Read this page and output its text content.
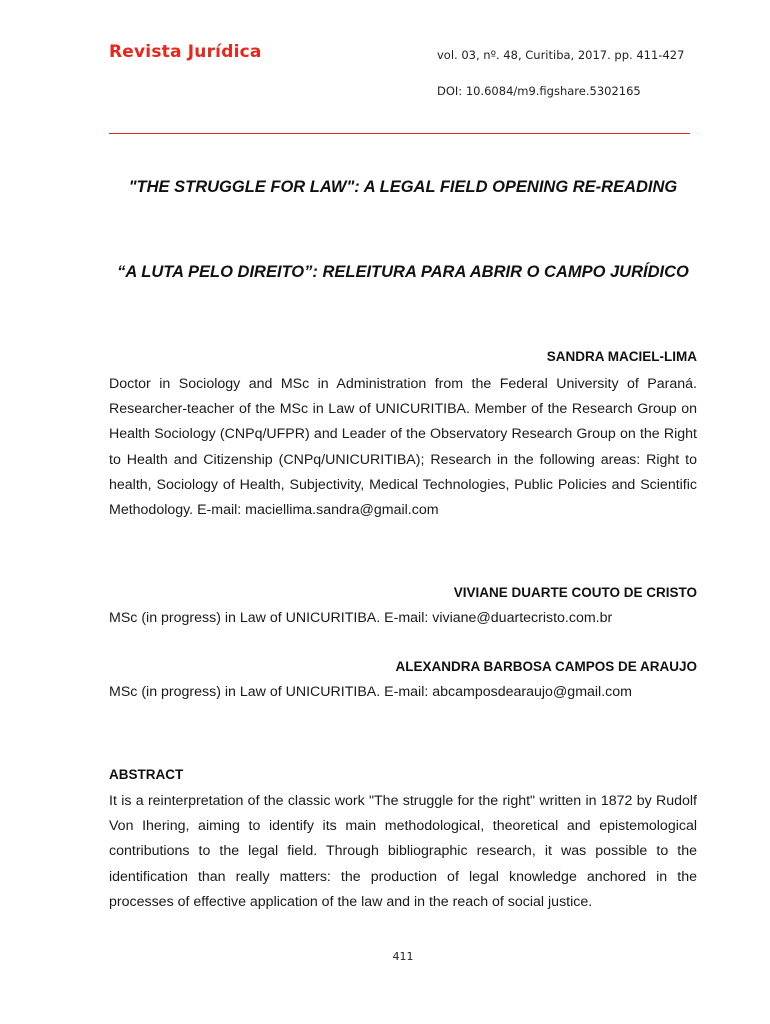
Revista Jurídica	vol. 03, nº. 48, Curitiba, 2017. pp. 411-427
DOI: 10.6084/m9.figshare.5302165
"THE STRUGGLE FOR LAW": A LEGAL FIELD OPENING RE-READING
“A LUTA PELO DIREITO”: RELEITURA PARA ABRIR O CAMPO JURÍDICO
SANDRA MACIEL-LIMA
Doctor in Sociology and MSc in Administration from the Federal University of Paraná. Researcher-teacher of the MSc in Law of UNICURITIBA. Member of the Research Group on Health Sociology (CNPq/UFPR) and Leader of the Observatory Research Group on the Right to Health and Citizenship (CNPq/UNICURITIBA); Research in the following areas: Right to health, Sociology of Health, Subjectivity, Medical Technologies, Public Policies and Scientific Methodology. E-mail: maciellima.sandra@gmail.com
VIVIANE DUARTE COUTO DE CRISTO
MSc (in progress) in Law of UNICURITIBA. E-mail: viviane@duartecristo.com.br
ALEXANDRA BARBOSA CAMPOS DE ARAUJO
MSc (in progress) in Law of UNICURITIBA. E-mail: abcamposdearaujo@gmail.com
ABSTRACT
It is a reinterpretation of the classic work "The struggle for the right" written in 1872 by Rudolf Von Ihering, aiming to identify its main methodological, theoretical and epistemological contributions to the legal field. Through bibliographic research, it was possible to the identification than really matters: the production of legal knowledge anchored in the processes of effective application of the law and in the reach of social justice.
411
